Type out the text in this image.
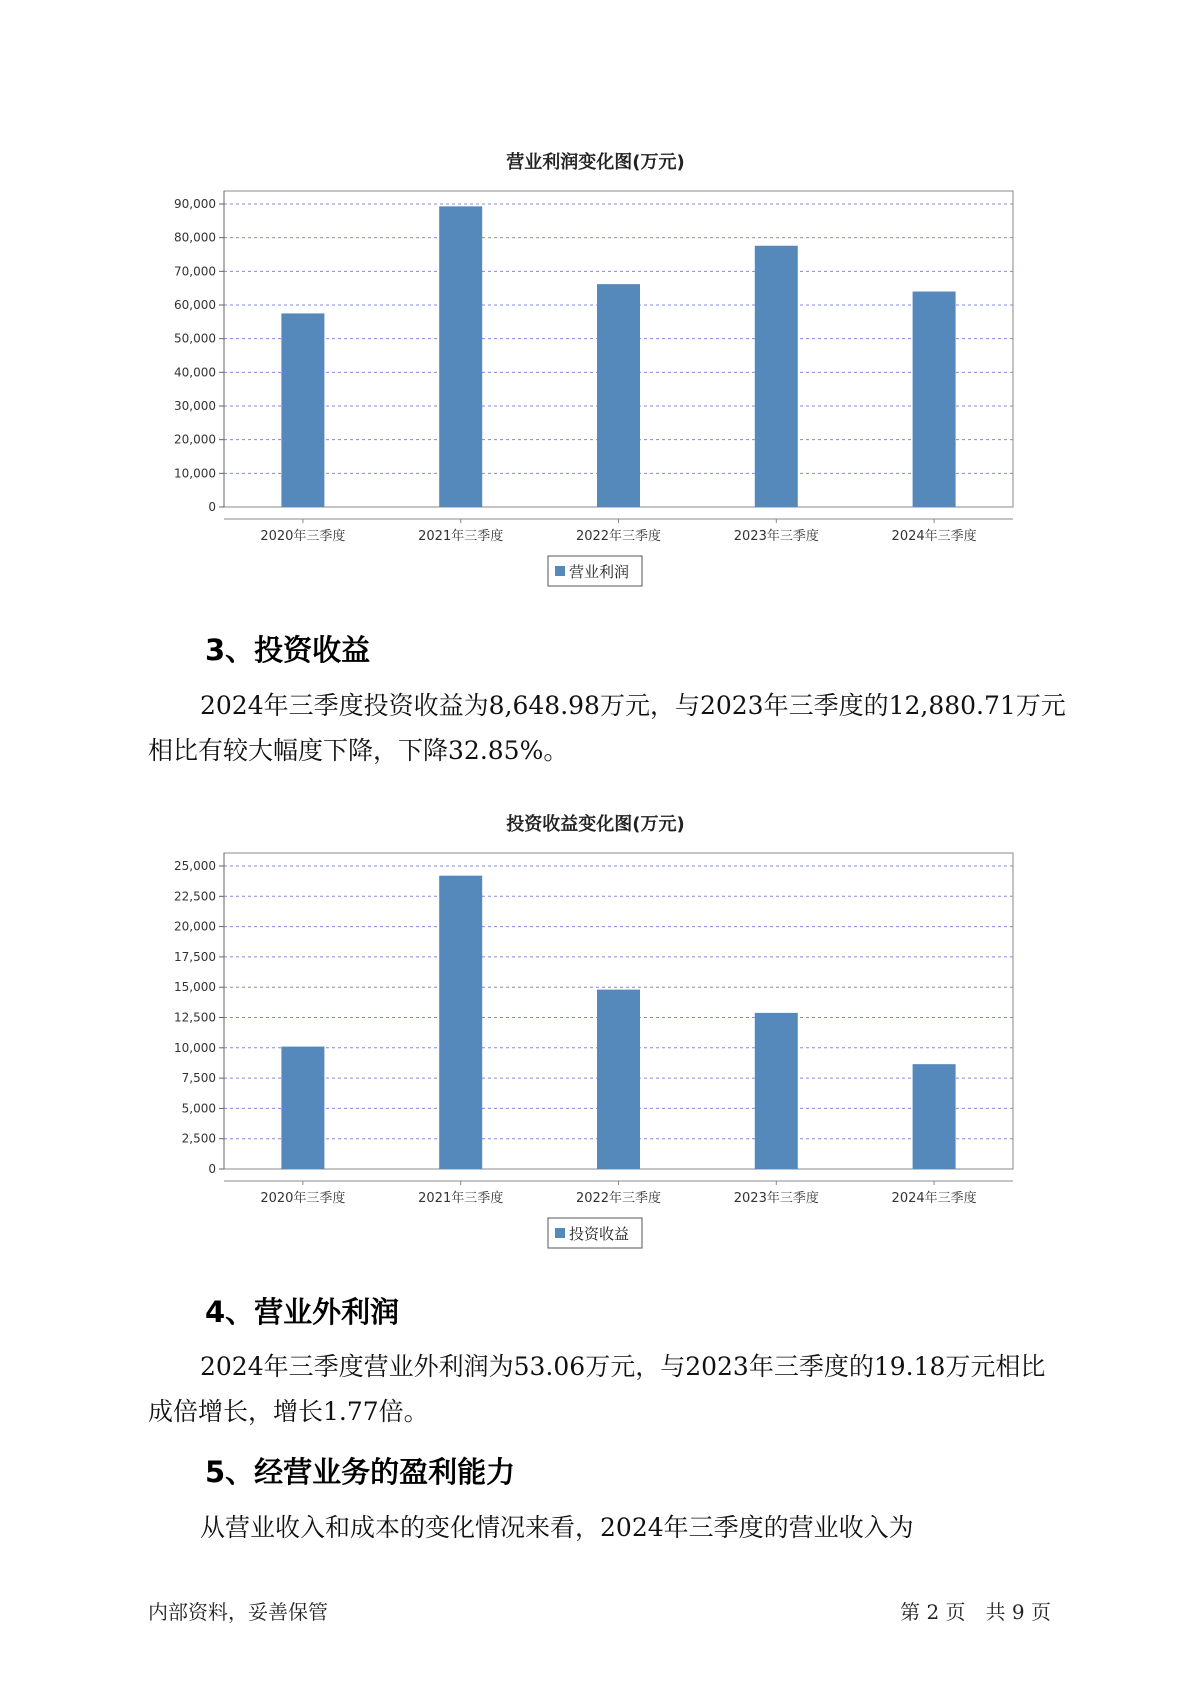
营业利润变化图(万元)
0
10,000
20,000
30,000
40,000
50,000
60,000
70,000
80,000
90,000
2020年三季度	2021年三季度	2022年三季度	2023年三季度	2024年三季度
营业利润
3、投资收益

2024年三季度投资收益为8,648.98万元，与2023年三季度的12,880.71万元相比有较大幅度下降，下降32.85%。

投资收益变化图(万元)
0
2,500
5,000
7,500
10,000
12,500
15,000
17,500
20,000
22,500
25,000
2020年三季度	2021年三季度	2022年三季度	2023年三季度	2024年三季度
投资收益
4、营业外利润

2024年三季度营业外利润为53.06万元，与2023年三季度的19.18万元相比成倍增长，增长1.77倍。

5、经营业务的盈利能力

从营业收入和成本的变化情况来看，2024年三季度的营业收入为

内部资料，妥善保管	第 2 页　共 9 页
